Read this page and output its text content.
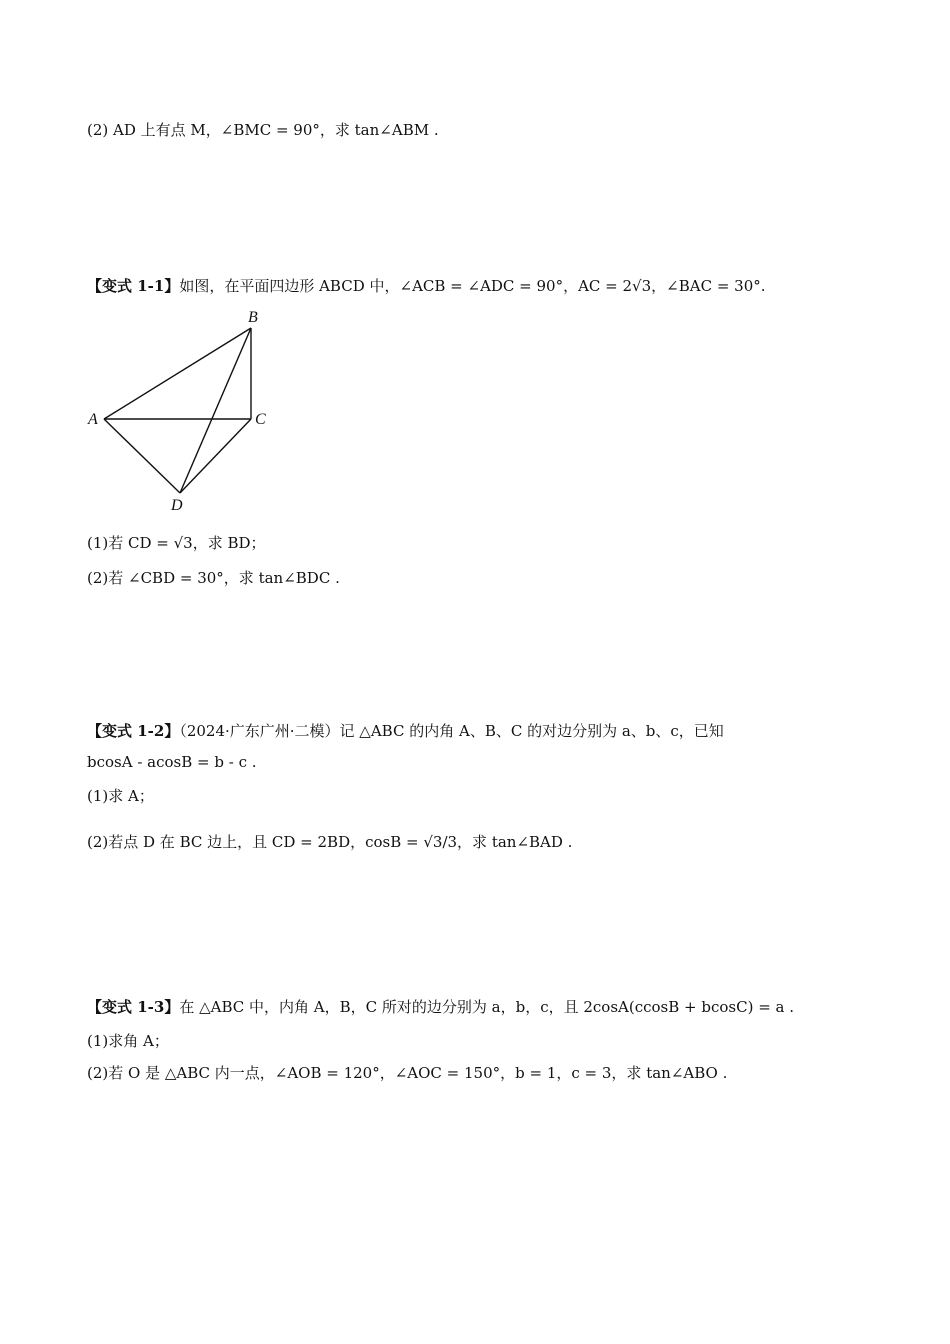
(2) AD 上有点 M，∠BMC = 90°，求 tan∠ABM .
【变式 1-1】如图，在平面四边形 ABCD 中，∠ACB = ∠ADC = 90°，AC = 2√3，∠BAC = 30°.
B
A	C
D
(1)若 CD = √3，求 BD；
(2)若 ∠CBD = 30°，求 tan∠BDC .
【变式 1-2】（2024·广东广州·二模）记 △ABC 的内角 A、B、C 的对边分别为 a、b、c，已知
bcosA - acosB = b - c .
(1)求 A；
(2)若点 D 在 BC 边上，且 CD = 2BD，cosB = √3/3，求 tan∠BAD .
【变式 1-3】在 △ABC 中，内角 A，B，C 所对的边分别为 a，b，c，且 2cosA(ccosB + bcosC) = a .
(1)求角 A；
(2)若 O 是 △ABC 内一点，∠AOB = 120°，∠AOC = 150°，b = 1，c = 3，求 tan∠ABO .
